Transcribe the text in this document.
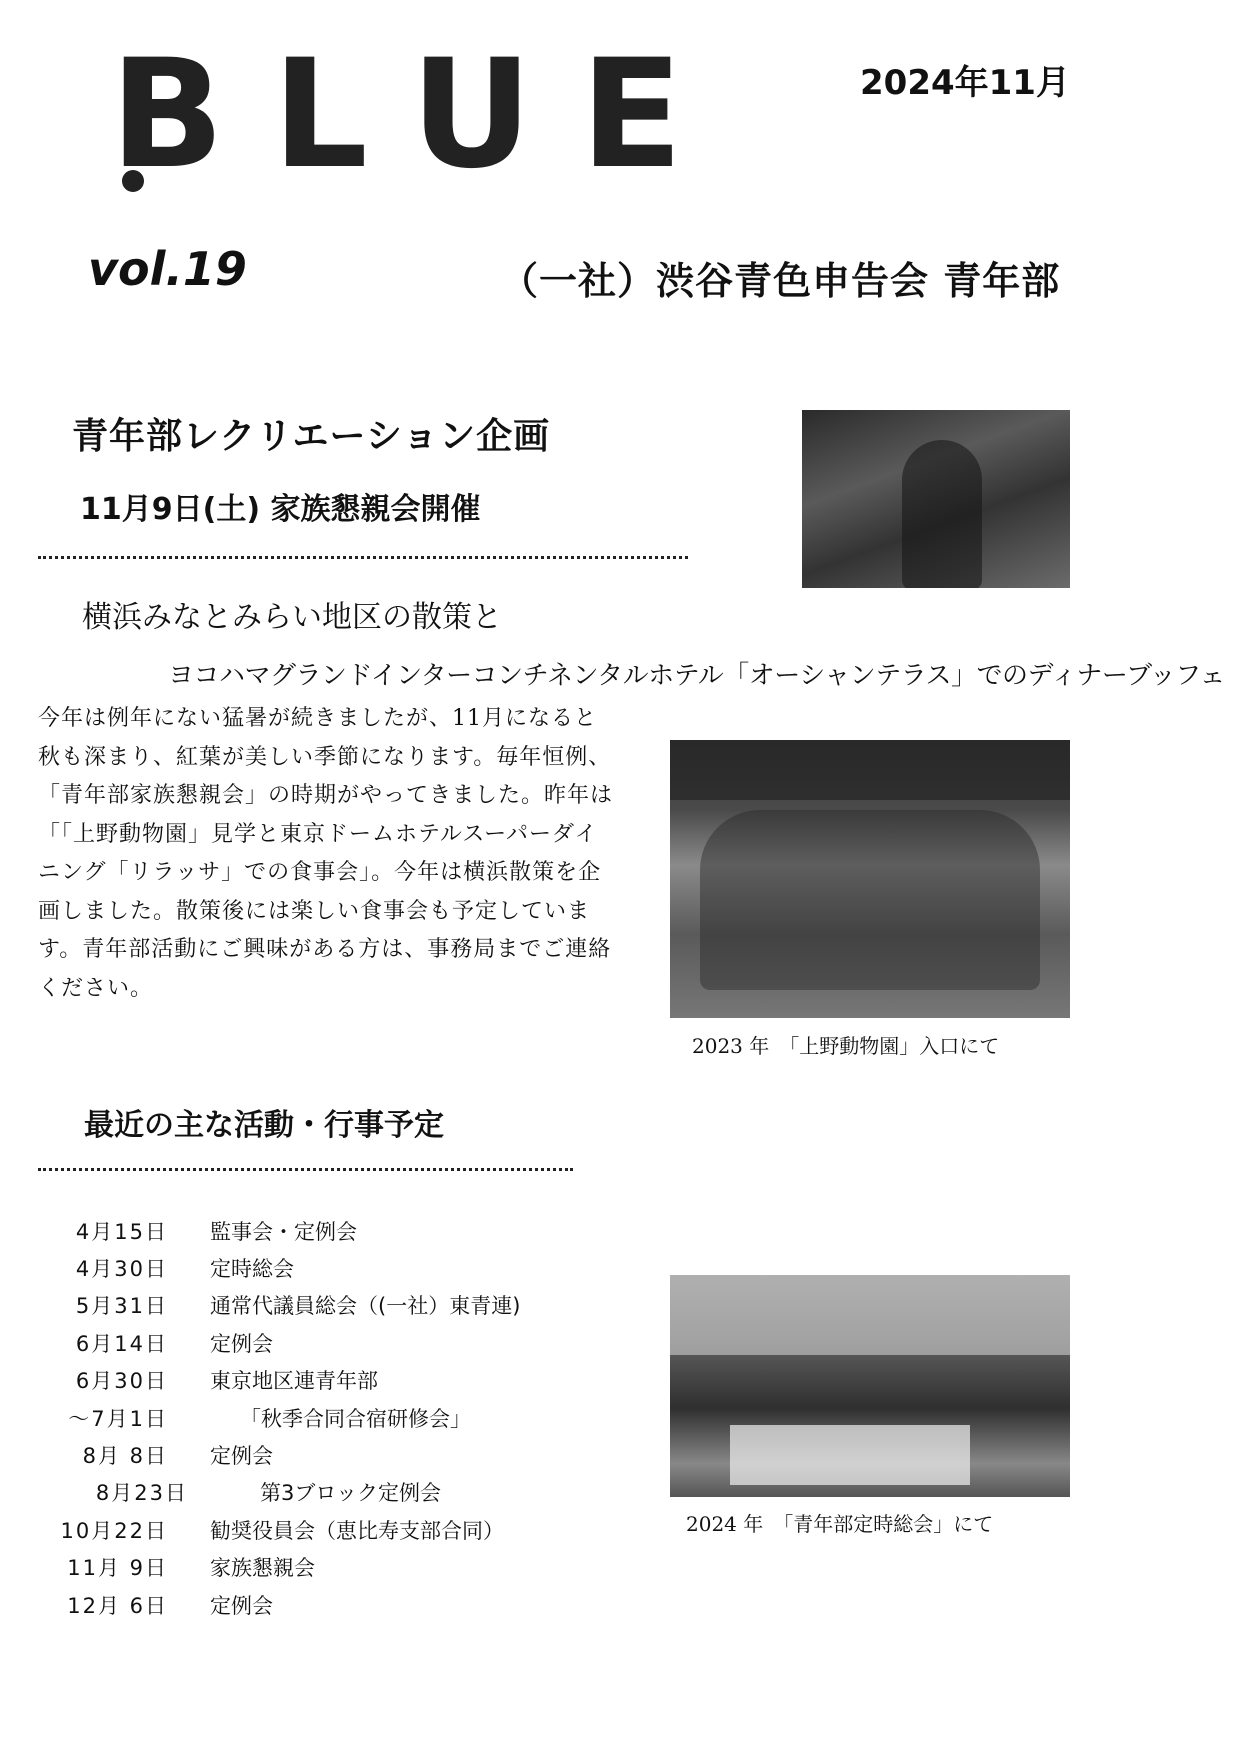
BLUE	2024年11月
vol.19	（一社）渋谷青色申告会 青年部
青年部レクリエーション企画
11月9日(土) 家族懇親会開催
横浜みなとみらい地区の散策と
ヨコハマグランドインターコンチネンタルホテル「オーシャンテラス」でのディナーブッフェ
今年は例年にない猛暑が続きましたが、11月になると秋も深まり、紅葉が美しい季節になります。毎年恒例、「青年部家族懇親会」の時期がやってきました。昨年は「「上野動物園」見学と東京ドームホテルスーパーダイニング「リラッサ」での食事会」。今年は横浜散策を企画しました。散策後には楽しい食事会も予定しています。青年部活動にご興味がある方は、事務局までご連絡ください。
2023 年　「上野動物園」入口にて
2024 年　「青年部定時総会」にて
最近の主な活動・行事予定
4月15日	監事会・定例会
4月30日	定時総会
5月31日	通常代議員総会（(一社）東青連)
6月14日	定例会
6月30日	東京地区連青年部
～7月1日	「秋季合同合宿研修会」
8月 8日	定例会
8月23日	第3ブロック定例会
10月22日	勧奨役員会（恵比寿支部合同）
11月 9日	家族懇親会
12月 6日	定例会
